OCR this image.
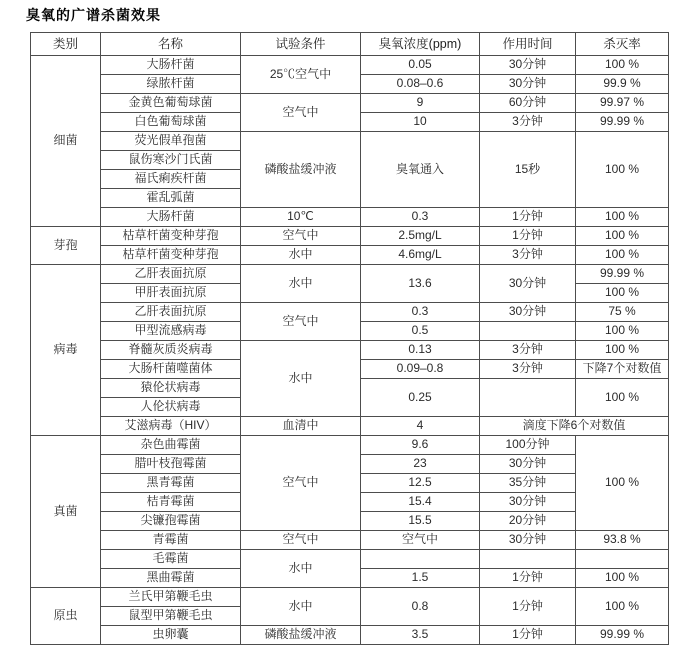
臭氧的广谱杀菌效果
类别	名称	试验条件	臭氧浓度(ppm)	作用时间	杀灭率
细菌	大肠杆菌	25℃空气中	0.05	30分钟	100 %
	绿脓杆菌		0.08–0.6	30分钟	99.9 %
	金黄色葡萄球菌	空气中	9	60分钟	99.97 %
	白色葡萄球菌		10	3分钟	99.99 %
	荧光假单孢菌	磷酸盐缓冲液	臭氧通入	15秒	100 %
	鼠伤寒沙门氏菌				
	福氏痢疾杆菌				
	霍乱弧菌				
	大肠杆菌	10℃	0.3	1分钟	100 %
芽孢	枯草杆菌变种芽孢	空气中	2.5mg/L	1分钟	100 %
	枯草杆菌变种芽孢	水中	4.6mg/L	3分钟	100 %
病毒	乙肝表面抗原	水中	13.6	30分钟	99.99 %
	甲肝表面抗原				100 %
	乙肝表面抗原	空气中	0.3	30分钟	75 %
	甲型流感病毒		0.5		100 %
	脊髓灰质炎病毒	水中	0.13	3分钟	100 %
	大肠杆菌噬菌体		0.09–0.8	3分钟	下降7个对数值
	猿伦状病毒		0.25		100 %
	人伦状病毒				
	艾滋病毒（HIV）	血清中	4	滴度下降6个对数值	
真菌	杂色曲霉菌	空气中	9.6	100分钟	100 %
	腊叶枝孢霉菌		23	30分钟	
	黑青霉菌		12.5	35分钟	
	桔青霉菌		15.4	30分钟	
	尖镰孢霉菌		15.5	20分钟	
	青霉菌	空气中	空气中	30分钟	93.8 %
	毛霉菌	水中			
	黑曲霉菌		1.5	1分钟	100 %
原虫	兰氏甲第鞭毛虫	水中	0.8	1分钟	100 %
	鼠型甲第鞭毛虫				
	虫卵囊	磷酸盐缓冲液	3.5	1分钟	99.99 %
